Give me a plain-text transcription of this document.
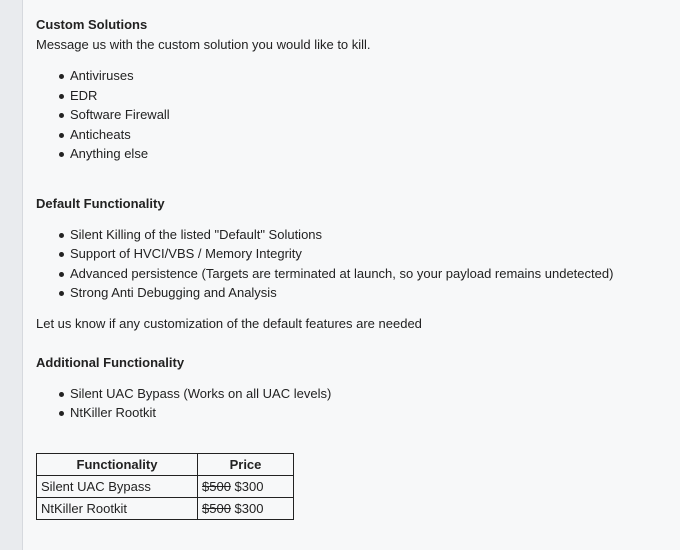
Custom Solutions

Message us with the custom solution you would like to kill.

Antiviruses
EDR
Software Firewall
Anticheats
Anything else

Default Functionality

Silent Killing of the listed "Default" Solutions
Support of HVCI/VBS / Memory Integrity
Advanced persistence (Targets are terminated at launch, so your payload remains undetected)
Strong Anti Debugging and Analysis

Let us know if any customization of the default features are needed

Additional Functionality

Silent UAC Bypass (Works on all UAC levels)
NtKiller Rootkit
Functionality	Price
Silent UAC Bypass	$500 $300
NtKiller Rootkit	$500 $300
